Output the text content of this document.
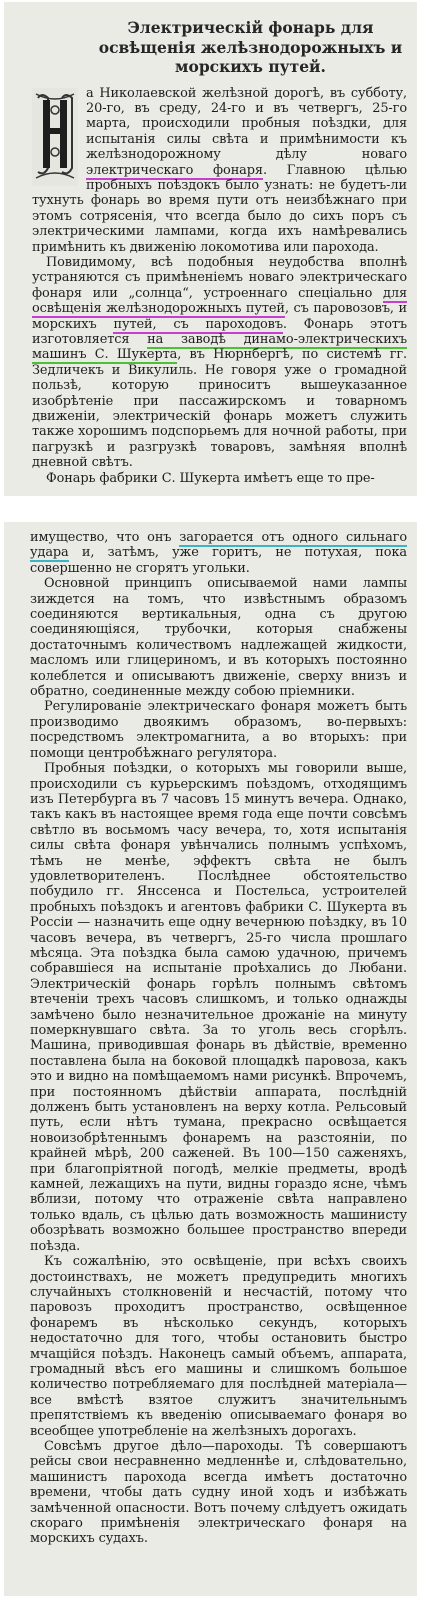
Электрическій фонарь для освѣщенія желѣзнодорожныхъ и морскихъ путей.

Н
а Николаевской желѣзной дорогѣ, въ субботу, 20-го, въ среду, 24-го и въ четвергъ, 25-го марта, происходили пробныя поѣздки, для испытанія силы свѣта и примѣнимости къ желѣзнодорожному дѣлу новаго электрическаго фонаря. Главною цѣлью пробныхъ поѣздокъ было узнать: не будетъ-ли тухнуть фонарь во время пути отъ неизбѣжнаго при этомъ сотрясенія, что всегда было до сихъ поръ съ электрическими лампами, когда ихъ намѣревались примѣнить къ движенію локомотива или парохода.

Повидимому, всѣ подобныя неудобства вполнѣ устраняются съ примѣненіемъ новаго электрическаго фонаря или „солнца“, устроеннаго спеціально для освѣщенія желѣзнодорожныхъ путей, съ паровозовъ, и морскихъ путей, съ пароходовъ. Фонарь этотъ изготовляется на заводѣ динамо-электрическихъ машинъ С. Шукерта, въ Нюрнбергѣ, по системѣ гг. Зедличекъ и Викулиль. Не говоря уже о громадной пользѣ, которую приноситъ вышеуказанное изобрѣтеніе при пассажирскомъ и товарномъ движеніи, электрическій фонарь можетъ служить также хорошимъ подспорьемъ для ночной работы, при пагрузкѣ и разгрузкѣ товаровъ, замѣняя вполнѣ дневной свѣтъ.

Фонарь фабрики С. Шукерта имѣетъ еще то пре-

имущество, что онъ загорается отъ одного сильнаго удара и, затѣмъ, уже горитъ, не потухая, пока совершенно не сгорятъ угольки.

Основной принципъ описываемой нами лампы зиждется на томъ, что извѣстнымъ образомъ соединяются вертикальныя, одна съ другою соединяющіяся, трубочки, которыя снабжены достаточнымъ количествомъ надлежащей жидкости, масломъ или глицериномъ, и въ которыхъ постоянно колеблется и описываютъ движеніе, сверху внизъ и обратно, соединенные между собою пріемники.

Регулированіе электрическаго фонаря можетъ быть производимо двоякимъ образомъ, во-первыхъ: посредствомъ электромагнита, а во вторыхъ: при помощи центробѣжнаго регулятора.

Пробныя поѣздки, о которыхъ мы говорили выше, происходили съ курьерскимъ поѣздомъ, отходящимъ изъ Петербурга въ 7 часовъ 15 минутъ вечера. Однако, такъ какъ въ настоящее время года еще почти совсѣмъ свѣтло въ восьмомъ часу вечера, то, хотя испытанія силы свѣта фонаря увѣнчались полнымъ успѣхомъ, тѣмъ не менѣе, эффектъ свѣта не былъ удовлетворителенъ. Послѣднее обстоятельство побудило гг. Янссенса и Постельса, устроителей пробныхъ поѣздокъ и агентовъ фабрики С. Шукерта въ Россіи — назначить еще одну вечернюю поѣздку, въ 10 часовъ вечера, въ четвергъ, 25-го числа прошлаго мѣсяца. Эта поѣздка была самою удачною, причемъ собравшіеся на испытаніе проѣхались до Любани. Электрическій фонарь горѣлъ полнымъ свѣтомъ втеченіи трехъ часовъ слишкомъ, и только однажды замѣчено было незначительное дрожаніе на минуту померкнувшаго свѣта. За то уголь весь сгорѣлъ. Машина, приводившая фонарь въ дѣйствіе, временно поставлена была на боковой площадкѣ паровоза, какъ это и видно на помѣщаемомъ нами рисункѣ. Впрочемъ, при постоянномъ дѣйствіи аппарата, послѣдній долженъ быть установленъ на верху котла. Рельсовый путь, если нѣтъ тумана, прекрасно освѣщается новоизобрѣтеннымъ фонаремъ на разстояніи, по крайней мѣрѣ, 200 саженей. Въ 100—150 саженяхъ, при благопріятной погодѣ, мелкіе предметы, вродѣ камней, лежащихъ на пути, видны гораздо ясне, чѣмъ вблизи, потому что отраженіе свѣта направлено только вдаль, съ цѣлью дать возможность машинисту обозрѣвать возможно большее пространство впереди поѣзда.

Къ сожалѣнію, это освѣщеніе, при всѣхъ своихъ достоинствахъ, не можетъ предупредить многихъ случайныхъ столкновеній и несчастій, потому что паровозъ проходитъ пространство, освѣщенное фонаремъ въ нѣсколько секундъ, которыхъ недостаточно для того, чтобы остановить быстро мчащійся поѣздъ. Наконецъ самый объемъ, аппарата, громадный вѣсъ его машины и слишкомъ большое количество потребляемаго для послѣдней матеріала—все вмѣстѣ взятое служитъ значительнымъ препятствіемъ къ введенію описываемаго фонаря во всеобщее употребленіе на желѣзныхъ дорогахъ.

Совсѣмъ другое дѣло—пароходы. Тѣ совершаютъ рейсы свои несравненно медленнѣе и, слѣдовательно, машинистъ парохода всегда имѣетъ достаточно времени, чтобы дать судну иной ходъ и избѣжать замѣченной опасности. Вотъ почему слѣдуетъ ожидать скораго примѣненія электрическаго фонаря на морскихъ судахъ.
